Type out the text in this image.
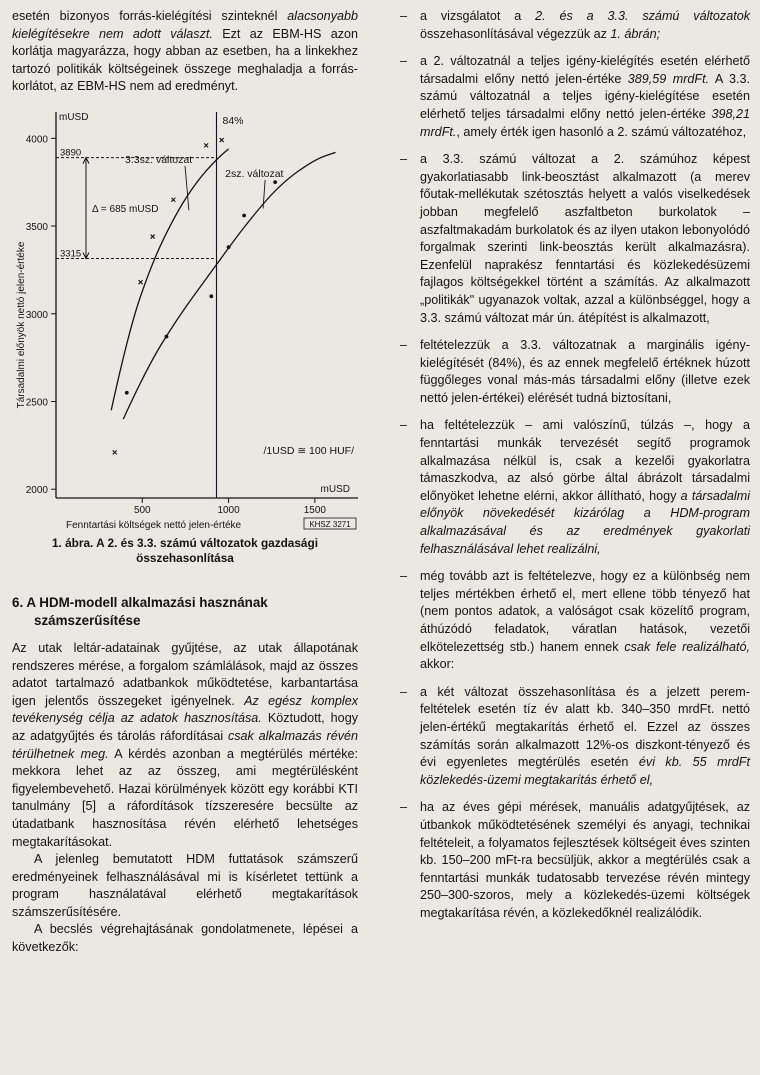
esetén bizonyos forrás-kielégítési szinteknél alacsonyabb kielégítésekre nem adott választ. Ezt az EBM-HS azon korlátja magyarázza, hogy abban az esetben, ha a linkekhez tartozó politikák költségeinek összege meghaladja a forrás-korlátot, az EBM-HS nem ad eredményt.

mUSD
mUSD
2000
2500
3000
3500
4000
500	1000	1500
Fenntartási költségek nettó jelen-értéke
Társadalmi előnyök nettó jelen-értéke
KHSZ 3271
/1USD ≅ 100 HUF/
84%
3890
3315
Δ = 685 mUSD
3.3sz. változat
2sz. változat

1. ábra. A 2. és 3.3. számú változatok gazdasági
összehasonlítása

6. A HDM-modell alkalmazási hasznának számszerűsítése

Az utak leltár-adatainak gyűjtése, az utak állapotának rendszeres mérése, a forgalom számlálások, majd az összes adatot tartalmazó adatbankok működtetése, karbantartása igen jelentős összegeket igényelnek. Az egész komplex tevékenység célja az adatok hasznosítása. Köztudott, hogy az adatgyűjtés és tárolás ráfordításai csak alkalmazás révén térülhetnek meg. A kérdés azonban a megtérülés mértéke: mekkora lehet az az összeg, ami megtérülésként figyelembevehető. Hazai körülmények között egy korábbi KTI tanulmány [5] a ráfordítások tízszeresére becsülte az útadatbank hasznosítása révén elérhető lehetséges megtakarításokat.

A jelenleg bemutatott HDM futtatások számszerű eredményeinek felhasználásával mi is kísérletet tettünk a program használatával elérhető megtakarítások számszerűsítésére.

A becslés végrehajtásának gondolatmenete, lépései a következők:

– a vizsgálatot a 2. és a 3.3. számú változatok összehasonlításával végezzük az 1. ábrán;
– a 2. változatnál a teljes igény-kielégítés esetén elérhető társadalmi előny nettó jelen-értéke 389,59 mrdFt. A 3.3. számú változatnál a teljes igény-kielégítése esetén elérhető teljes társadalmi előny nettó jelen-értéke 398,21 mrdFt., amely érték igen hasonló a 2. számú változatéhoz,
– a 3.3. számú változat a 2. számúhoz képest gyakorlatiasabb link-beosztást alkalmazott (a merev főutak-mellékutak szétosztás helyett a valós viselkedések jobban megfelelő aszfaltbeton burkolatok – aszfaltmakadám burkolatok és az ilyen utakon lebonyolódó forgalmak szerinti link-beosztás került alkalmazásra). Ezenfelül naprakész fenntartási és közlekedésüzemi fajlagos költségekkel történt a számítás. Az alkalmazott „politikák" ugyanazok voltak, azzal a különbséggel, hogy a 3.3. számú változat már ún. átépítést is alkalmazott,
– feltételezzük a 3.3. változatnak a marginális igény-kielégítését (84%), és az ennek megfelelő értéknek húzott függőleges vonal más-más társadalmi előny (illetve ezek nettó jelen-értékei) elérését tudná biztosítani,
– ha feltételezzük – ami valószínű, túlzás –, hogy a fenntartási munkák tervezését segítő programok alkalmazása nélkül is, csak a kezelői gyakorlatra támaszkodva, az alsó görbe által ábrázolt társadalmi előnyöket lehetne elérni, akkor állítható, hogy a társadalmi előnyök növekedését kizárólag a HDM-program alkalmazásával és az eredmények gyakorlati felhasználásával lehet realizálni,
– még tovább azt is feltételezve, hogy ez a különbség nem teljes mértékben érhető el, mert ellene több tényező hat (nem pontos adatok, a valóságot csak közelítő program, áthúzódó feladatok, váratlan hatások, vezetői elkötelezettség stb.) hanem ennek csak fele realizálható, akkor:
– a két változat összehasonlítása és a jelzett perem-feltételek esetén tíz év alatt kb. 340–350 mrdFt. nettó jelen-értékű megtakarítás érhető el. Ezzel az összes számítás során alkalmazott 12%-os diszkont-tényező és évi egyenletes megtérülés esetén évi kb. 55 mrdFt közlekedés-üzemi megtakarítás érhető el,
– ha az éves gépi mérések, manuális adatgyűjtések, az útbankok működtetésének személyi és anyagi, technikai feltételeit, a folyamatos fejlesztések költségeit éves szinten kb. 150–200 mFt-ra becsüljük, akkor a megtérülés csak a fenntartási munkák tudatosabb tervezése révén mintegy 250–300-szoros, mely a közlekedés-üzemi költségek megtakarítása révén, a közlekedőknél realizálódik.
